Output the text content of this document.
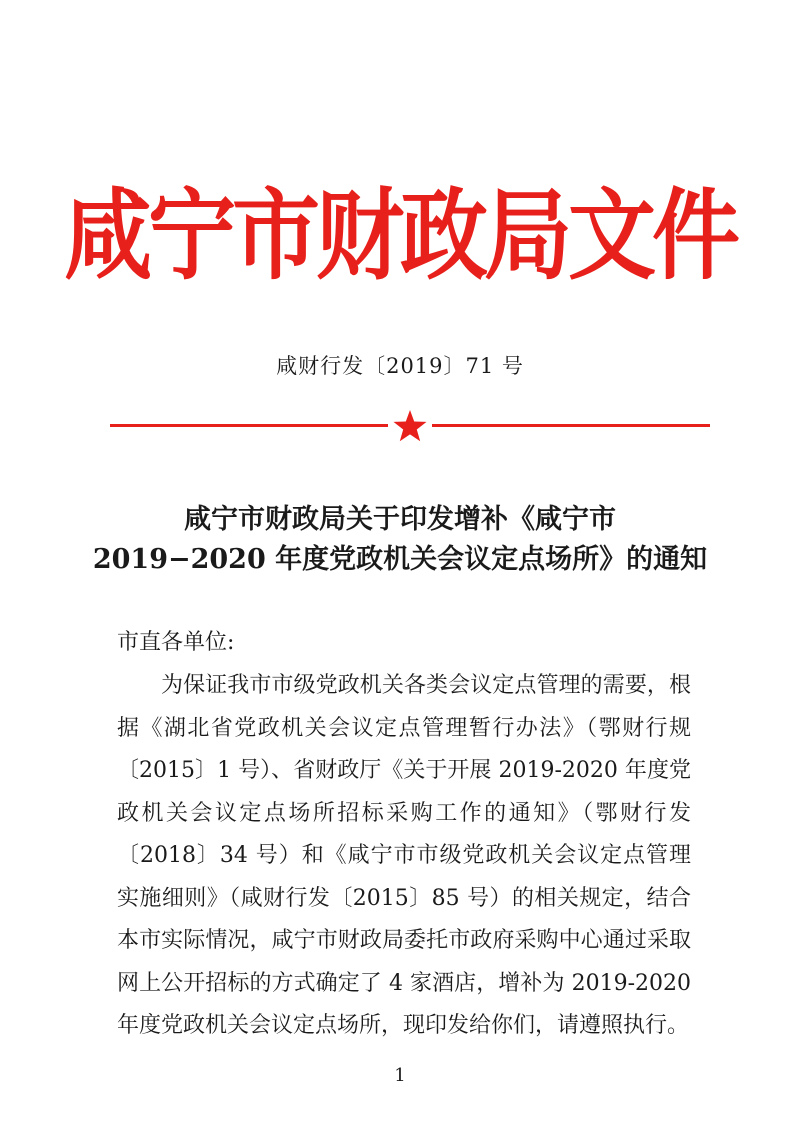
咸宁市财政局文件
咸财行发〔2019〕71 号
咸宁市财政局关于印发增补《咸宁市
2019−2020 年度党政机关会议定点场所》的通知
市直各单位:
为保证我市市级党政机关各类会议定点管理的需要，根据《湖北省党政机关会议定点管理暂行办法》（鄂财行规〔2015〕1 号）、省财政厅《关于开展 2019-2020 年度党政机关会议定点场所招标采购工作的通知》（鄂财行发〔2018〕34 号）和《咸宁市市级党政机关会议定点管理实施细则》（咸财行发〔2015〕85 号）的相关规定，结合本市实际情况，咸宁市财政局委托市政府采购中心通过采取网上公开招标的方式确定了 4 家酒店，增补为 2019-2020 年度党政机关会议定点场所，现印发给你们，请遵照执行。
1
